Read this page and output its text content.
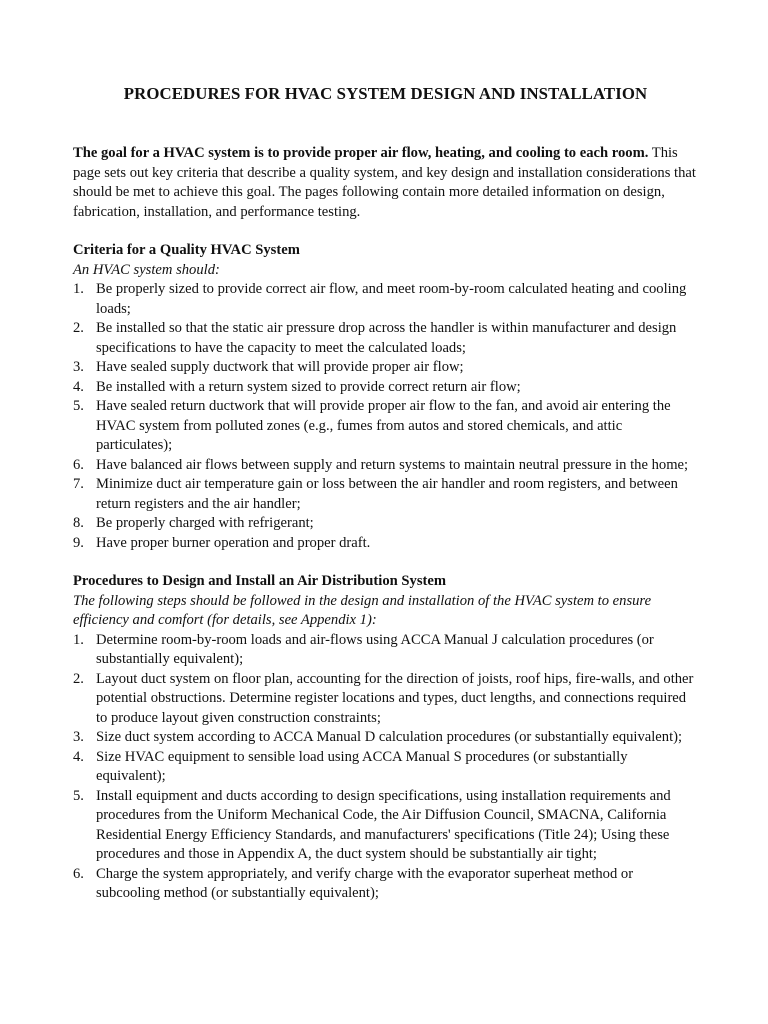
PROCEDURES FOR HVAC SYSTEM DESIGN AND INSTALLATION

The goal for a HVAC system is to provide proper air flow, heating, and cooling to each room. This page sets out key criteria that describe a quality system, and key design and installation considerations that should be met to achieve this goal. The pages following contain more detailed information on design, fabrication, installation, and performance testing.

Criteria for a Quality HVAC System

An HVAC system should:

1. Be properly sized to provide correct air flow, and meet room-by-room calculated heating and cooling loads;
2. Be installed so that the static air pressure drop across the handler is within manufacturer and design specifications to have the capacity to meet the calculated loads;
3. Have sealed supply ductwork that will provide proper air flow;
4. Be installed with a return system sized to provide correct return air flow;
5. Have sealed return ductwork that will provide proper air flow to the fan, and avoid air entering the HVAC system from polluted zones (e.g., fumes from autos and stored chemicals, and attic particulates);
6. Have balanced air flows between supply and return systems to maintain neutral pressure in the home;
7. Minimize duct air temperature gain or loss between the air handler and room registers, and between return registers and the air handler;
8. Be properly charged with refrigerant;
9. Have proper burner operation and proper draft.

Procedures to Design and Install an Air Distribution System

The following steps should be followed in the design and installation of the HVAC system to ensure efficiency and comfort (for details, see Appendix 1):

1. Determine room-by-room loads and air-flows using ACCA Manual J calculation procedures (or substantially equivalent);
2. Layout duct system on floor plan, accounting for the direction of joists, roof hips, fire-walls, and other potential obstructions. Determine register locations and types, duct lengths, and connections required to produce layout given construction constraints;
3. Size duct system according to ACCA Manual D calculation procedures (or substantially equivalent);
4. Size HVAC equipment to sensible load using ACCA Manual S procedures (or substantially equivalent);
5. Install equipment and ducts according to design specifications, using installation requirements and procedures from the Uniform Mechanical Code, the Air Diffusion Council, SMACNA, California Residential Energy Efficiency Standards, and manufacturers' specifications (Title 24); Using these procedures and those in Appendix A, the duct system should be substantially air tight;
6. Charge the system appropriately, and verify charge with the evaporator superheat method or subcooling method (or substantially equivalent);
